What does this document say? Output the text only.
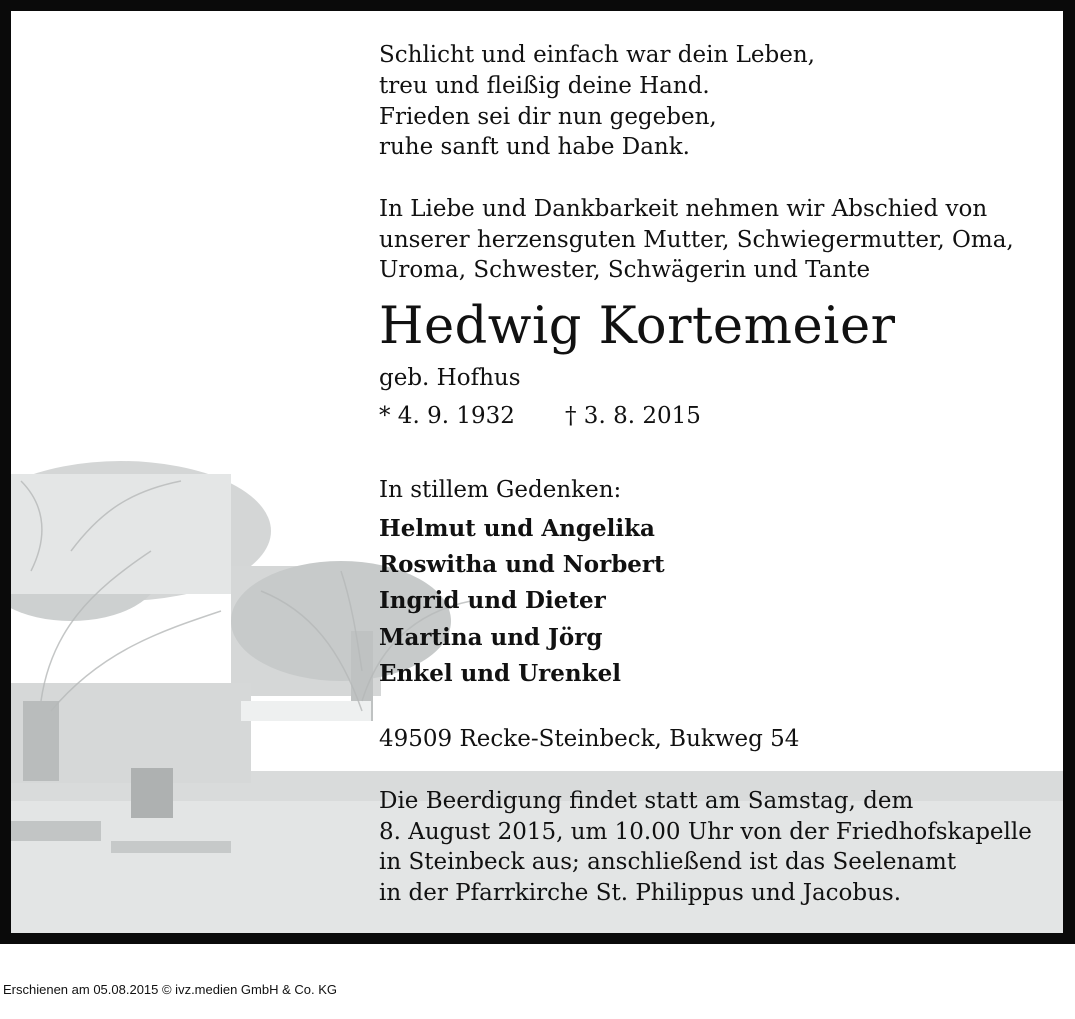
Schlicht und einfach war dein Leben,
treu und fleißig deine Hand.
Frieden sei dir nun gegeben,
ruhe sanft und habe Dank.
In Liebe und Dankbarkeit nehmen wir Abschied von
unserer herzensguten Mutter, Schwiegermutter, Oma,
Uroma, Schwester, Schwägerin und Tante
Hedwig Kortemeier
geb. Hofhus
* 4. 9. 1932 † 3. 8. 2015
In stillem Gedenken:
Helmut und Angelika
Roswitha und Norbert
Ingrid und Dieter
Martina und Jörg
Enkel und Urenkel
49509 Recke-Steinbeck, Bukweg 54
Die Beerdigung findet statt am Samstag, dem
8. August 2015, um 10.00 Uhr von der Friedhofskapelle
in Steinbeck aus; anschließend ist das Seelenamt
in der Pfarrkirche St. Philippus und Jacobus.
Erschienen am 05.08.2015 © ivz.medien GmbH & Co. KG
